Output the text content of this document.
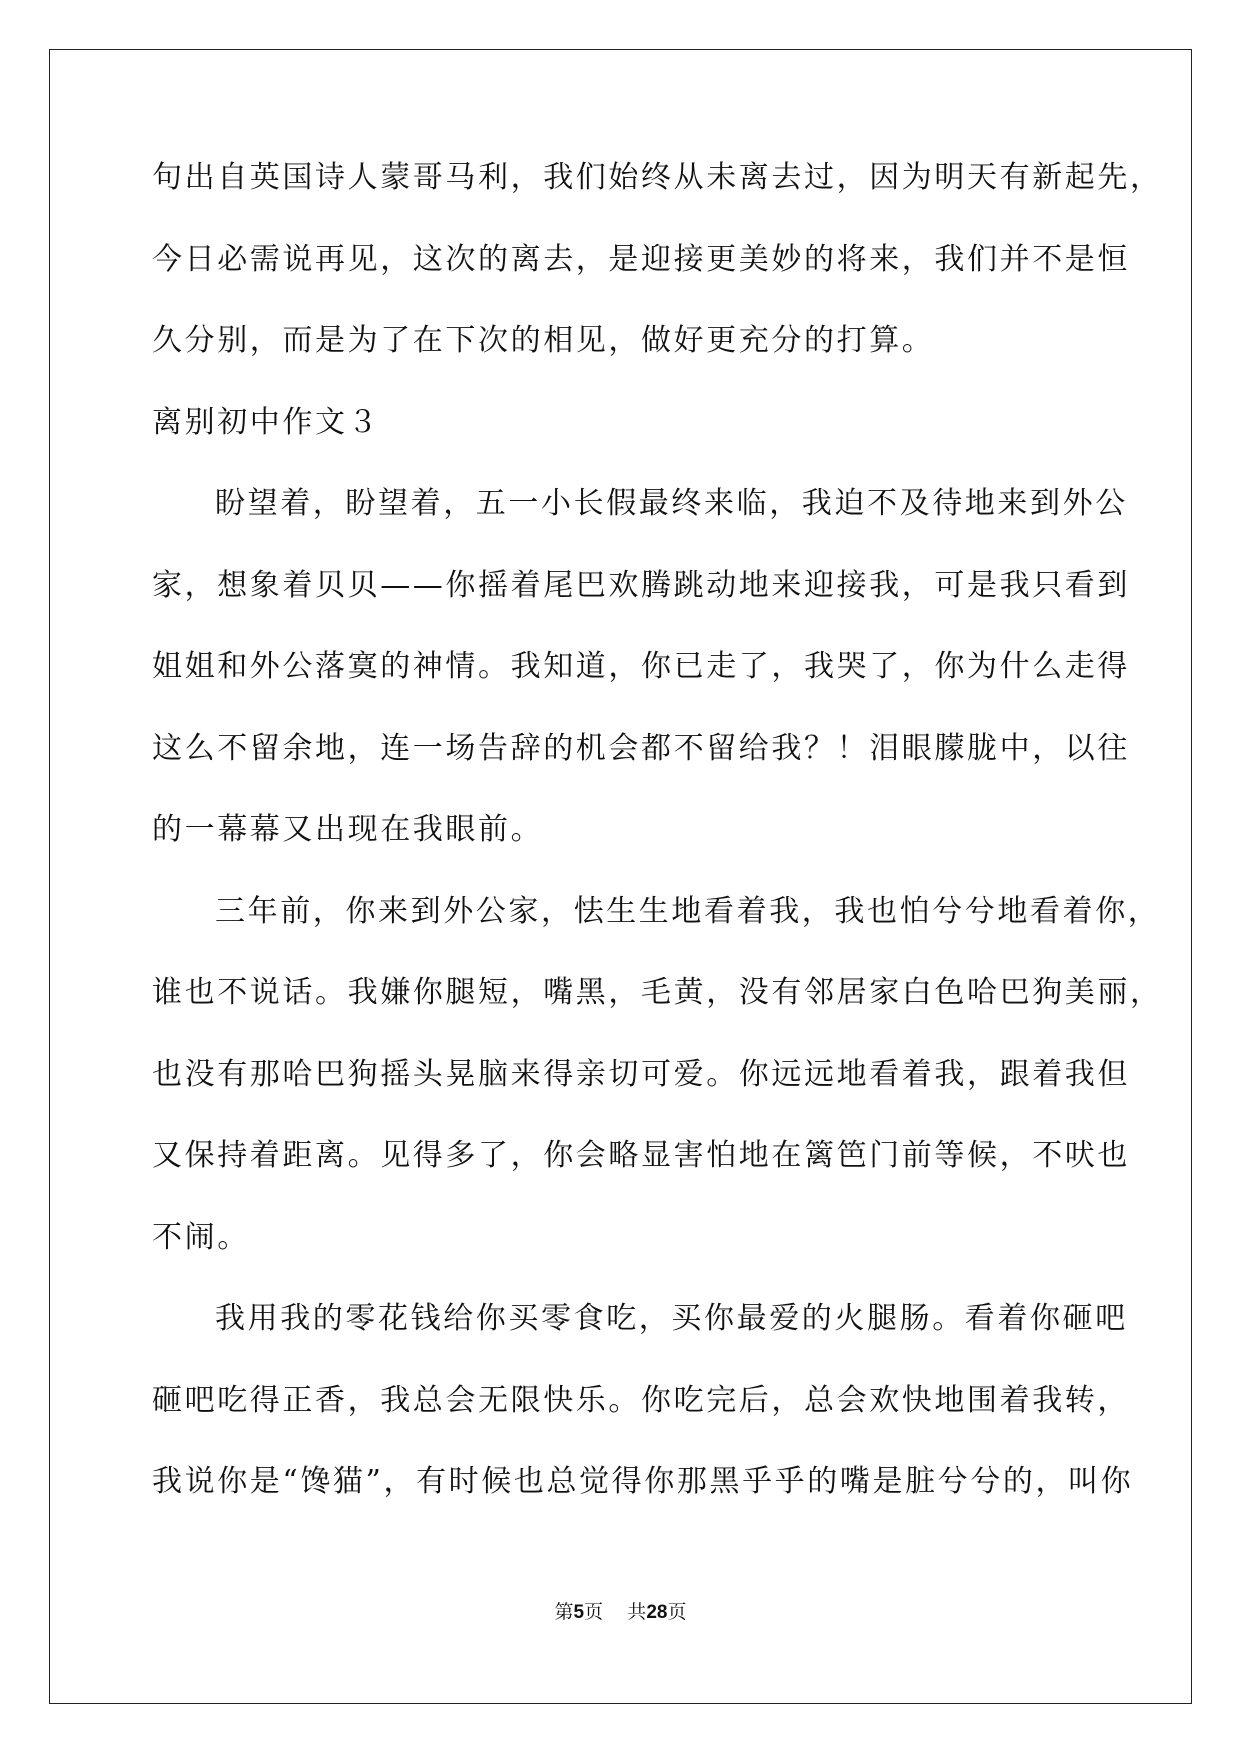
句出自英国诗人蒙哥马利，我们始终从未离去过，因为明天有新起先，
今日必需说再见，这次的离去，是迎接更美妙的将来，我们并不是恒
久分别，而是为了在下次的相见，做好更充分的打算。
离别初中作文３
盼望着，盼望着，五一小长假最终来临，我迫不及待地来到外公
家，想象着贝贝——你摇着尾巴欢腾跳动地来迎接我，可是我只看到
姐姐和外公落寞的神情。我知道，你已走了，我哭了，你为什么走得
这么不留余地，连一场告辞的机会都不留给我？！泪眼朦胧中，以往
的一幕幕又出现在我眼前。
三年前，你来到外公家，怯生生地看着我，我也怕兮兮地看着你，
谁也不说话。我嫌你腿短，嘴黑，毛黄，没有邻居家白色哈巴狗美丽，
也没有那哈巴狗摇头晃脑来得亲切可爱。你远远地看着我，跟着我但
又保持着距离。见得多了，你会略显害怕地在篱笆门前等候，不吠也
不闹。
我用我的零花钱给你买零食吃，买你最爱的火腿肠。看着你砸吧
砸吧吃得正香，我总会无限快乐。你吃完后，总会欢快地围着我转，
我说你是“馋猫”，有时候也总觉得你那黑乎乎的嘴是脏兮兮的，叫你
第5页 共28页
